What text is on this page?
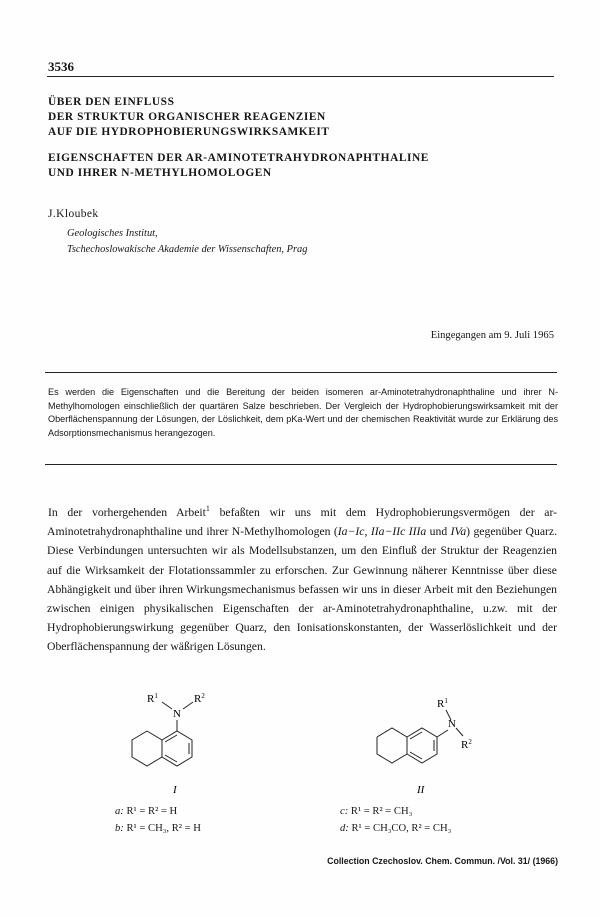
3536
ÜBER DEN EINFLUSS
DER STRUKTUR ORGANISCHER REAGENZIEN
AUF DIE HYDROPHOBIERUNGSWIRKSAMKEIT
EIGENSCHAFTEN DER AR-AMINOTETRAHYDRONAPHTHALINE
UND IHRER N-METHYLHOMOLOGEN
J.Kloubek
Geologisches Institut,
Tschechoslowakische Akademie der Wissenschaften, Prag
Eingegangen am 9. Juli 1965
Es werden die Eigenschaften und die Bereitung der beiden isomeren ar-Aminotetrahydronaphthaline und ihrer N-Methylhomologen einschließlich der quartären Salze beschrieben. Der Vergleich der Hydrophobierungswirksamkeit mit der Oberflächenspannung der Lösungen, der Löslichkeit, dem pKa-Wert und der chemischen Reaktivität wurde zur Erklärung des Adsorptionsmechanismus herangezogen.
In der vorhergehenden Arbeit$^1$ befaßten wir uns mit dem Hydrophobierungsvermögen der ar-Aminotetrahydronaphthaline und ihrer N-Methylhomologen (Ia−Ic, IIa−IIc IIIa und IVa) gegenüber Quarz. Diese Verbindungen untersuchten wir als Modellsubstanzen, um den Einfluß der Struktur der Reagenzien auf die Wirksamkeit der Flotationssammler zu erforschen. Zur Gewinnung näherer Kenntnisse über diese Abhängigkeit und über ihren Wirkungsmechanismus befassen wir uns in dieser Arbeit mit den Beziehungen zwischen einigen physikalischen Eigenschaften der ar-Aminotetrahydronaphthaline, u.zw. mit der Hydrophobierungswirkung gegenüber Quarz, den Ionisationskonstanten, der Wasserlöslichkeit und der Oberflächenspannung der wäßrigen Lösungen.
$R^1$
N
$R^2$
I
a: R¹ = R² = H
b: R¹ = CH₃, R² = H
$R^1$
N
$R^2$
II
c: R¹ = R² = CH₃
d: R¹ = CH₃CO, R² = CH₃
Collection Czechoslov. Chem. Commun. /Vol. 31/ (1966)
